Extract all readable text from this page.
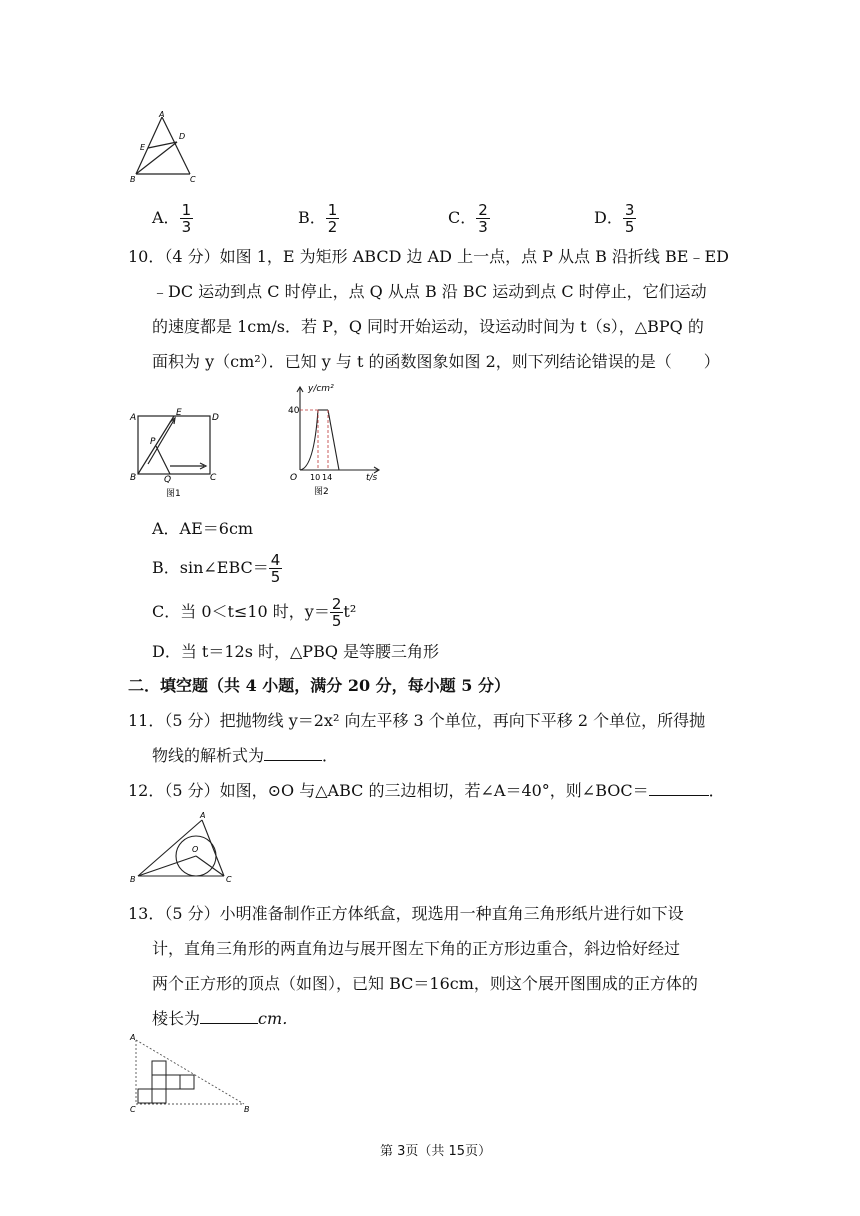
A
D
E
B	C
A． $\frac{1}{3}$	B． $\frac{1}{2}$	C． $\frac{2}{3}$	D． $\frac{3}{5}$
10．（4 分）如图 1，E 为矩形 ABCD 边 AD 上一点，点 P 从点 B 沿折线 BE﹣ED
﹣DC 运动到点 C 时停止，点 Q 从点 B 沿 BC 运动到点 C 时停止，它们运动
的速度都是 1cm/s．若 P，Q 同时开始运动，设运动时间为 t（s），△BPQ 的
面积为 y（cm²）．已知 y 与 t 的函数图象如图 2，则下列结论错误的是（　　）
A	E	D
P
B	Q	C
图1
y/cm²
40
O 10 14	t/s
图2
A．AE＝6cm
B．sin∠EBC＝ $\frac{4}{5}$
C．当 0＜t≤10 时，$y= \frac{2}{5} t^2$
D．当 t＝12s 时，△PBQ 是等腰三角形
二．填空题（共 4 小题，满分 20 分，每小题 5 分）
11．（5 分）把抛物线 y＝2x² 向左平移 3 个单位，再向下平移 2 个单位，所得抛
物线的解析式为	．
12．（5 分）如图，⊙O 与△ABC 的三边相切，若∠A＝40°，则∠BOC＝	．
A
O
B	C
13．（5 分）小明准备制作正方体纸盒，现选用一种直角三角形纸片进行如下设
计，直角三角形的两直角边与展开图左下角的正方形边重合，斜边恰好经过
两个正方形的顶点（如图），已知 BC＝16cm，则这个展开图围成的正方体的
棱长为	cm．
A
C	B
第 3页（共 15页）
